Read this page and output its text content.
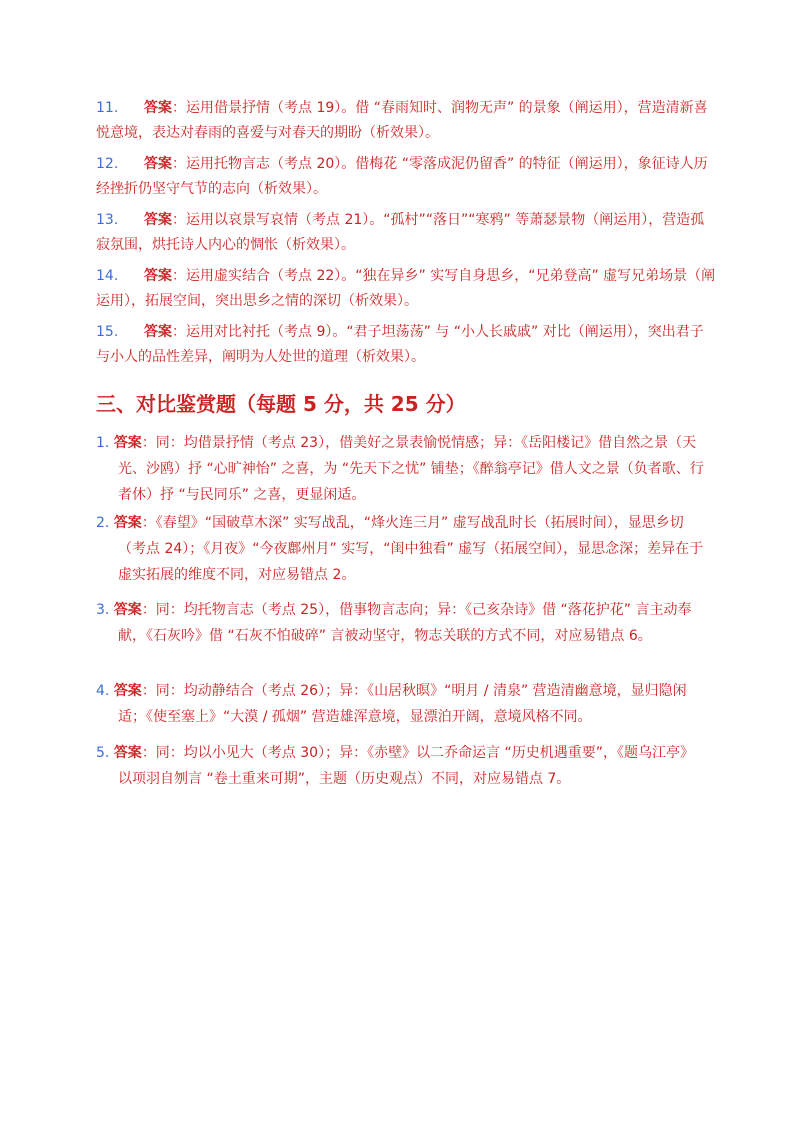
11. 答案：运用借景抒情（考点 19）。借 “春雨知时、润物无声” 的景象（阐运用），营造清新喜悦意境，表达对春雨的喜爱与对春天的期盼（析效果）。
12. 答案：运用托物言志（考点 20）。借梅花 “零落成泥仍留香” 的特征（阐运用），象征诗人历经挫折仍坚守气节的志向（析效果）。
13. 答案：运用以哀景写哀情（考点 21）。“孤村”“落日”“寒鸦” 等萧瑟景物（阐运用），营造孤寂氛围，烘托诗人内心的惆怅（析效果）。
14. 答案：运用虚实结合（考点 22）。“独在异乡” 实写自身思乡，“兄弟登高” 虚写兄弟场景（阐运用），拓展空间，突出思乡之情的深切（析效果）。
15. 答案：运用对比衬托（考点 9）。“君子坦荡荡” 与 “小人长戚戚” 对比（阐运用），突出君子与小人的品性差异，阐明为人处世的道理（析效果）。
三、对比鉴赏题（每题 5 分，共 25 分）
1. 答案：同：均借景抒情（考点 23），借美好之景表愉悦情感；异：《岳阳楼记》借自然之景（天光、沙鸥）抒 “心旷神怡” 之喜，为 “先天下之忧” 铺垫；《醉翁亭记》借人文之景（负者歌、行者休）抒 “与民同乐” 之喜，更显闲适。
2. 答案：《春望》“国破草木深” 实写战乱，“烽火连三月” 虚写战乱时长（拓展时间），显思乡切（考点 24）；《月夜》“今夜鄜州月” 实写，“闺中独看” 虚写（拓展空间），显思念深；差异在于虚实拓展的维度不同，对应易错点 2。
3. 答案：同：均托物言志（考点 25），借事物言志向；异：《己亥杂诗》借 “落花护花” 言主动奉献，《石灰吟》借 “石灰不怕破碎” 言被动坚守，物志关联的方式不同，对应易错点 6。
4. 答案：同：均动静结合（考点 26）；异：《山居秋暝》“明月 / 清泉” 营造清幽意境，显归隐闲适；《使至塞上》“大漠 / 孤烟” 营造雄浑意境，显漂泊开阔，意境风格不同。
5. 答案：同：均以小见大（考点 30）；异：《赤壁》以二乔命运言 “历史机遇重要”，《题乌江亭》以项羽自刎言 “卷土重来可期”，主题（历史观点）不同，对应易错点 7。
